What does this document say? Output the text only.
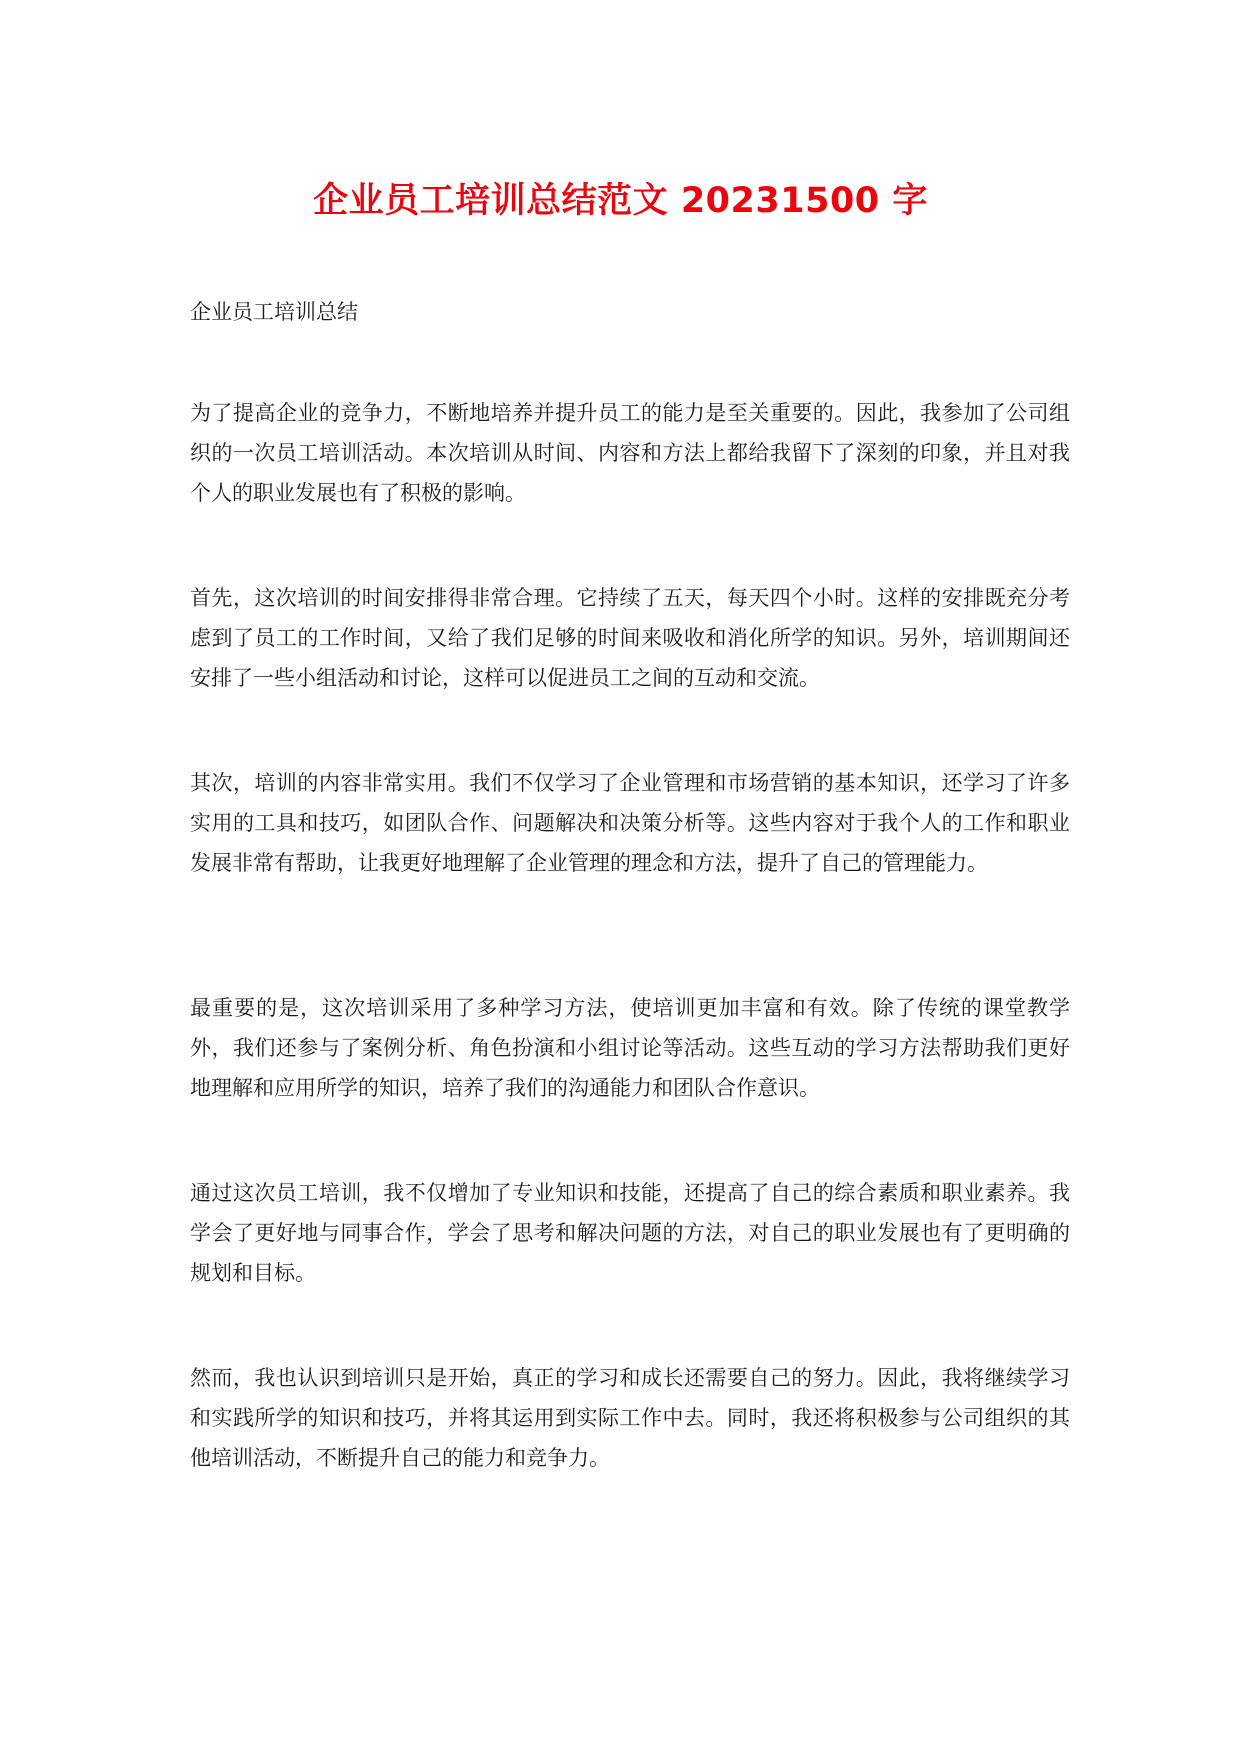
企业员工培训总结范文 20231500 字

企业员工培训总结

为了提高企业的竞争力，不断地培养并提升员工的能力是至关重要的。因此，我参加了公司组织的一次员工培训活动。本次培训从时间、内容和方法上都给我留下了深刻的印象，并且对我个人的职业发展也有了积极的影响。

首先，这次培训的时间安排得非常合理。它持续了五天，每天四个小时。这样的安排既充分考虑到了员工的工作时间，又给了我们足够的时间来吸收和消化所学的知识。另外，培训期间还安排了一些小组活动和讨论，这样可以促进员工之间的互动和交流。

其次，培训的内容非常实用。我们不仅学习了企业管理和市场营销的基本知识，还学习了许多实用的工具和技巧，如团队合作、问题解决和决策分析等。这些内容对于我个人的工作和职业发展非常有帮助，让我更好地理解了企业管理的理念和方法，提升了自己的管理能力。

最重要的是，这次培训采用了多种学习方法，使培训更加丰富和有效。除了传统的课堂教学外，我们还参与了案例分析、角色扮演和小组讨论等活动。这些互动的学习方法帮助我们更好地理解和应用所学的知识，培养了我们的沟通能力和团队合作意识。

通过这次员工培训，我不仅增加了专业知识和技能，还提高了自己的综合素质和职业素养。我学会了更好地与同事合作，学会了思考和解决问题的方法，对自己的职业发展也有了更明确的规划和目标。

然而，我也认识到培训只是开始，真正的学习和成长还需要自己的努力。因此，我将继续学习和实践所学的知识和技巧，并将其运用到实际工作中去。同时，我还将积极参与公司组织的其他培训活动，不断提升自己的能力和竞争力。
